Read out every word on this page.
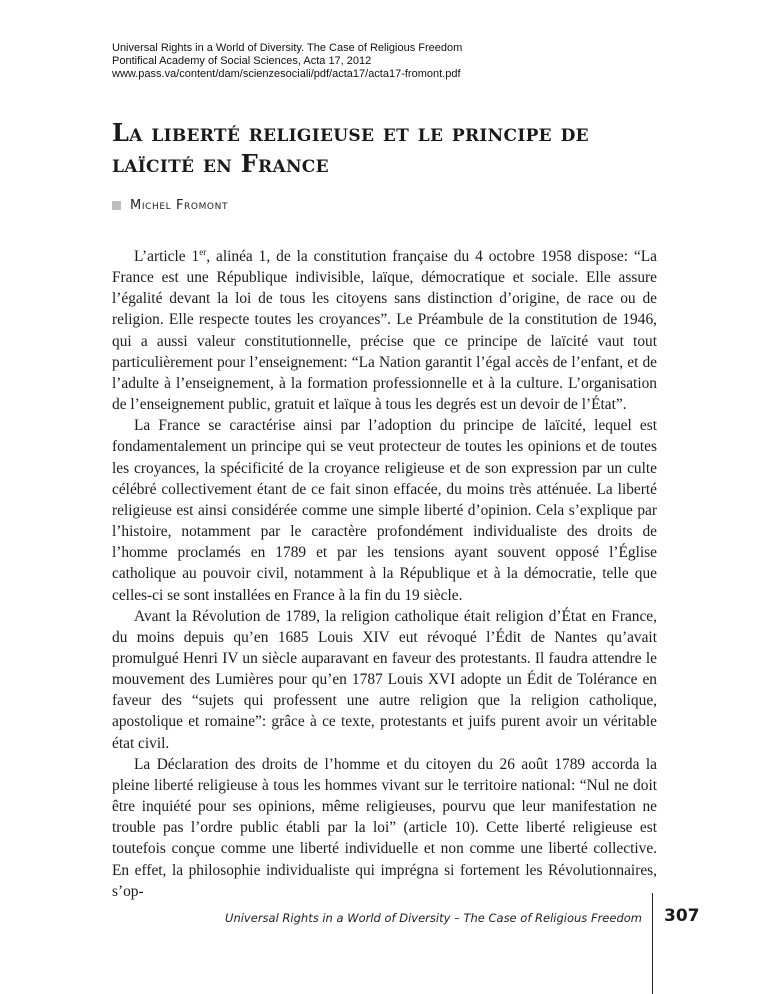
Universal Rights in a World of Diversity. The Case of Religious Freedom
Pontifical Academy of Social Sciences, Acta 17, 2012
www.pass.va/content/dam/scienzesociali/pdf/acta17/acta17-fromont.pdf
La liberté religieuse et le principe de
laïcité en France
Michel Fromont

L’article 1er, alinéa 1, de la constitution française du 4 octobre 1958 dispose: “La France est une République indivisible, laïque, démocratique et sociale. Elle assure l’égalité devant la loi de tous les citoyens sans distinction d’origine, de race ou de religion. Elle respecte toutes les croyances”. Le Préambule de la constitution de 1946, qui a aussi valeur constitutionnelle, précise que ce principe de laïcité vaut tout particulièrement pour l’enseignement: “La Nation garantit l’égal accès de l’enfant, et de l’adulte à l’enseignement, à la formation professionnelle et à la culture. L’organisation de l’enseignement public, gratuit et laïque à tous les degrés est un devoir de l’État”.

La France se caractérise ainsi par l’adoption du principe de laïcité, lequel est fondamentalement un principe qui se veut protecteur de toutes les opinions et de toutes les croyances, la spécificité de la croyance religieuse et de son expression par un culte célébré collectivement étant de ce fait sinon effacée, du moins très atténuée. La liberté religieuse est ainsi considérée comme une simple liberté d’opinion. Cela s’explique par l’histoire, notamment par le caractère profondément individualiste des droits de l’homme proclamés en 1789 et par les tensions ayant souvent opposé l’Église catholique au pouvoir civil, notamment à la République et à la démocratie, telle que celles-ci se sont installées en France à la fin du 19 siècle.

Avant la Révolution de 1789, la religion catholique était religion d’État en France, du moins depuis qu’en 1685 Louis XIV eut révoqué l’Édit de Nantes qu’avait promulgué Henri IV un siècle auparavant en faveur des protestants. Il faudra attendre le mouvement des Lumières pour qu’en 1787 Louis XVI adopte un Édit de Tolérance en faveur des “sujets qui professent une autre religion que la religion catholique, apostolique et romaine”: grâce à ce texte, protestants et juifs purent avoir un véritable état civil.

La Déclaration des droits de l’homme et du citoyen du 26 août 1789 accorda la pleine liberté religieuse à tous les hommes vivant sur le territoire national: “Nul ne doit être inquiété pour ses opinions, même religieuses, pourvu que leur manifestation ne trouble pas l’ordre public établi par la loi” (article 10). Cette liberté religieuse est toutefois conçue comme une liberté individuelle et non comme une liberté collective. En effet, la philosophie individualiste qui imprégna si fortement les Révolutionnaires, s’op-

Universal Rights in a World of Diversity – The Case of Religious Freedom 307
